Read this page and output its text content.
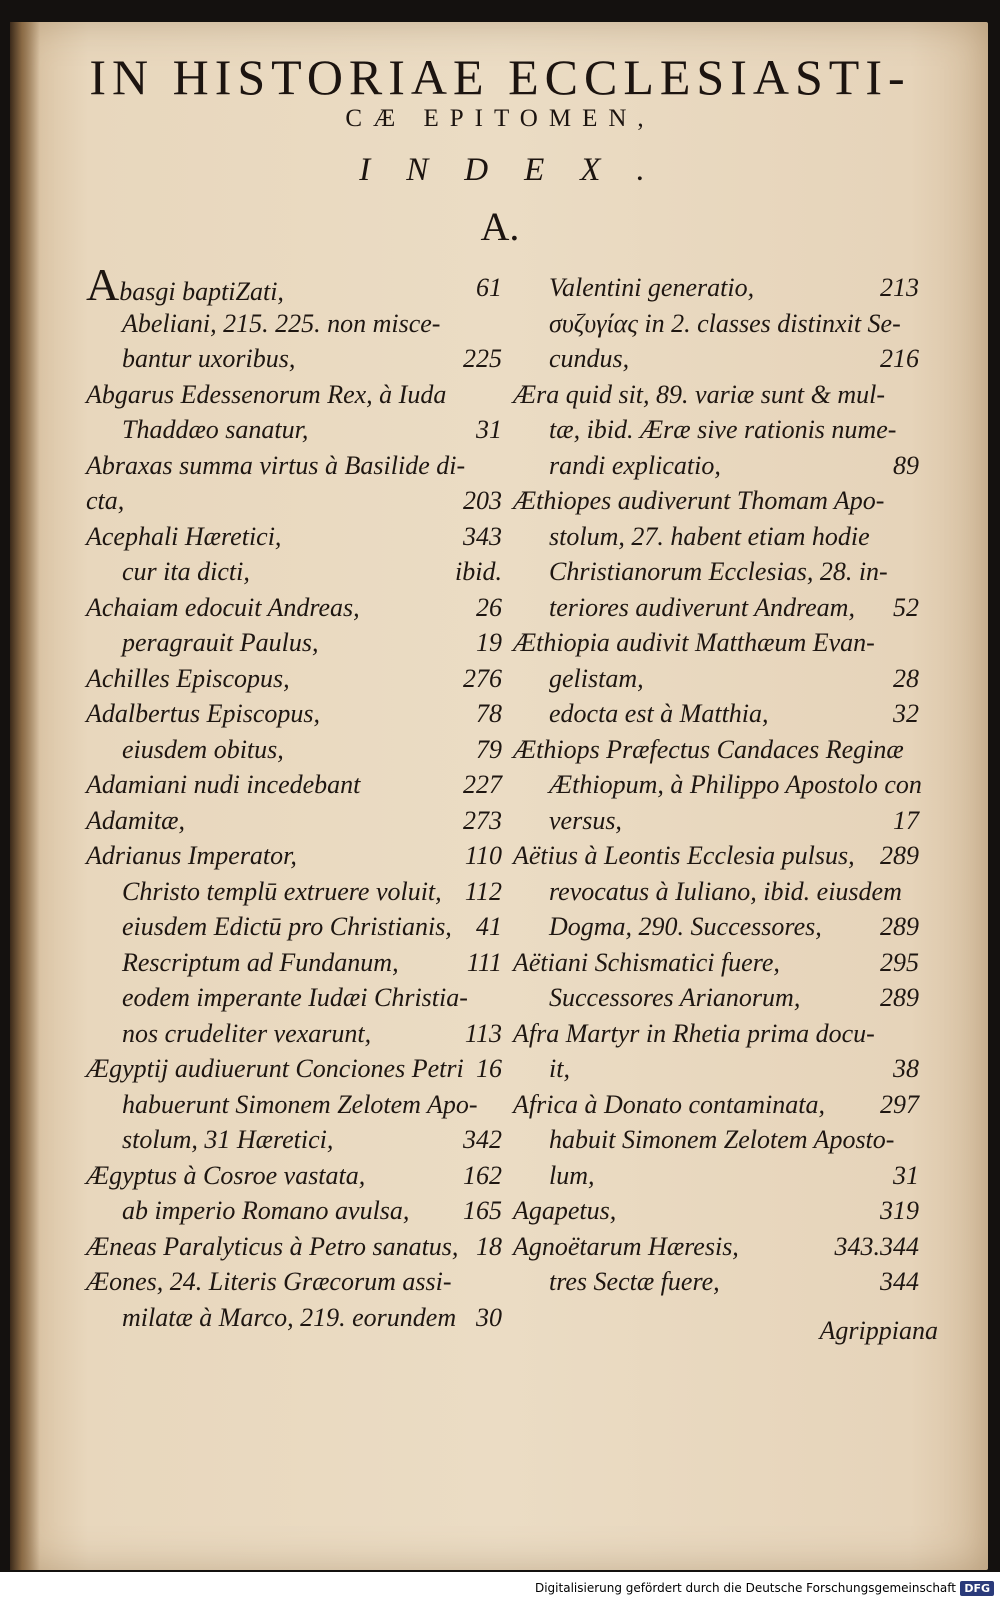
IN HISTORIAE ECCLESIASTI-
CÆ EPITOMEN,
INDEX.
A.
Abasgi baptiZati,	61
Abeliani, 215. 225. non misce-
bantur uxoribus,	225
Abgarus Edessenorum Rex, à Iuda
Thaddæo sanatur,	31
Abraxas summa virtus à Basilide di-
cta,	203
Acephali Hæretici,	343
cur ita dicti,	ibid.
Achaiam edocuit Andreas,	26
peragrauit Paulus,	19
Achilles Episcopus,	276
Adalbertus Episcopus,	78
eiusdem obitus,	79
Adamiani nudi incedebant	227
Adamitæ,	273
Adrianus Imperator,	110
Christo templū extruere voluit, 112
eiusdem Edictū pro Christianis, 41
Rescriptum ad Fundanum,	111
eodem imperante Iudæi Christia-
nos crudeliter vexarunt,	113
Ægyptij audiuerunt Conciones Petri 16
habuerunt Simonem Zelotem Apo-
stolum, 31 Hæretici,	342
Ægyptus à Cosroe vastata,	162
ab imperio Romano avulsa, 165
Æneas Paralyticus à Petro sanatus, 18
Æones, 24. Literis Græcorum assi-
milatæ à Marco, 219. eorundem 30
Valentini generatio,	213
συζυγίας in 2. classes distinxit Se-
cundus,	216
Æra quid sit, 89. variæ sunt & mul-
tæ, ibid. Æræ sive rationis nume-
randi explicatio,	89
Æthiopes audiverunt Thomam Apo-
stolum, 27. habent etiam hodie
Christianorum Ecclesias, 28. in-
teriores audiverunt Andream, 52
Æthiopia audivit Matthæum Evan-
gelistam,	28
edocta est à Matthia,	32
Æthiops Præfectus Candaces Reginæ
Æthiopum, à Philippo Apostolo con
versus,	17
Aëtius à Leontis Ecclesia pulsus, 289
revocatus à Iuliano, ibid. eiusdem
Dogma, 290. Successores, 289
Aëtiani Schismatici fuere,	295
Successores Arianorum,	289
Afra Martyr in Rhetia prima docu-
it,	38
Africa à Donato contaminata, 297
habuit Simonem Zelotem Aposto-
lum,	31
Agapetus,	319
Agnoëtarum Hæresis,	343.344
tres Sectæ fuere,	344
Agrippiana
Digitalisierung gefördert durch die Deutsche Forschungsgemeinschaft DFG
